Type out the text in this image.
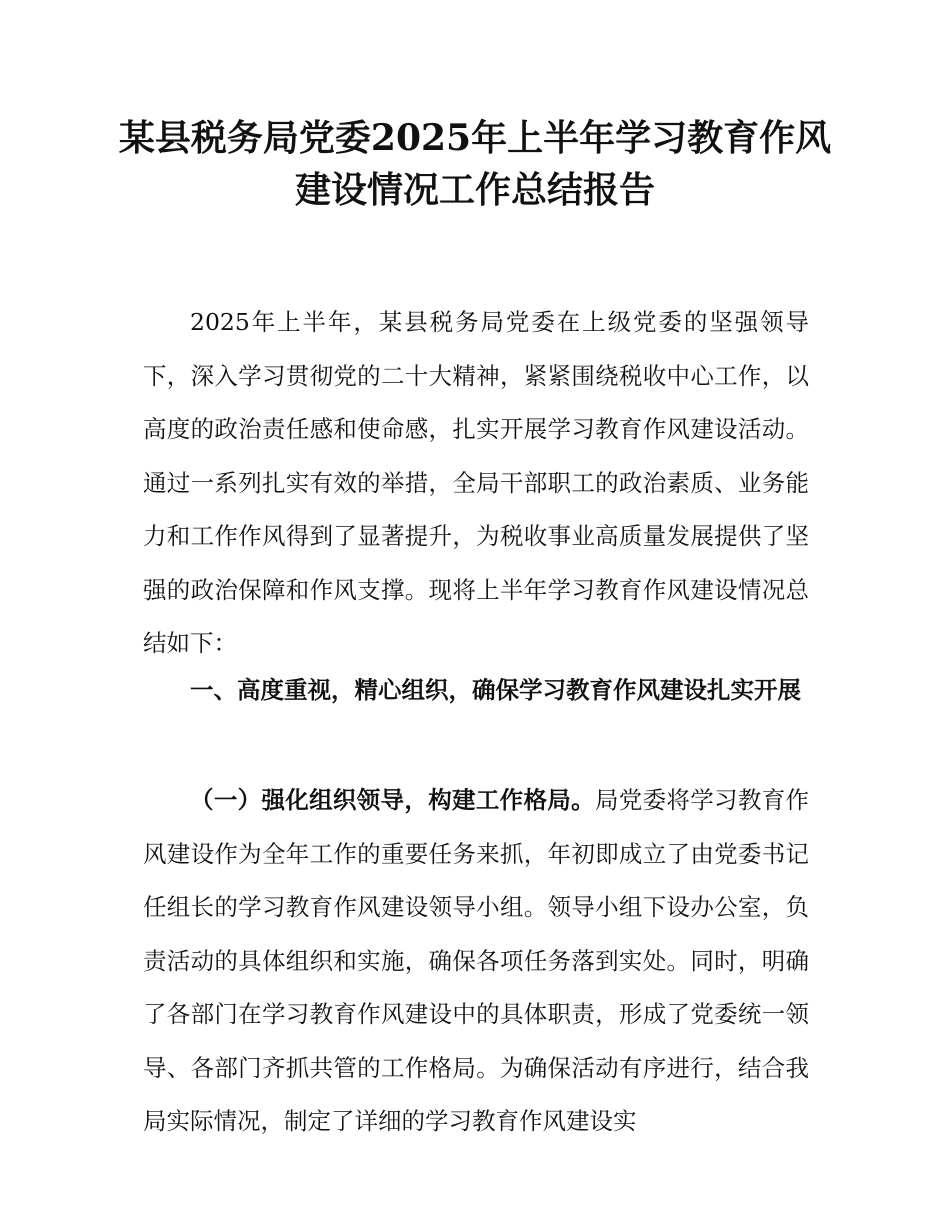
某县税务局党委2025年上半年学习教育作风
建设情况工作总结报告

2025年上半年，某县税务局党委在上级党委的坚强领导下，深入学习贯彻党的二十大精神，紧紧围绕税收中心工作，以高度的政治责任感和使命感，扎实开展学习教育作风建设活动。通过一系列扎实有效的举措，全局干部职工的政治素质、业务能力和工作作风得到了显著提升，为税收事业高质量发展提供了坚强的政治保障和作风支撑。现将上半年学习教育作风建设情况总结如下：

一、高度重视，精心组织，确保学习教育作风建设扎实开展

（一）强化组织领导，构建工作格局。局党委将学习教育作风建设作为全年工作的重要任务来抓，年初即成立了由党委书记任组长的学习教育作风建设领导小组。领导小组下设办公室，负责活动的具体组织和实施，确保各项任务落到实处。同时，明确了各部门在学习教育作风建设中的具体职责，形成了党委统一领导、各部门齐抓共管的工作格局。为确保活动有序进行，结合我局实际情况，制定了详细的学习教育作风建设实
